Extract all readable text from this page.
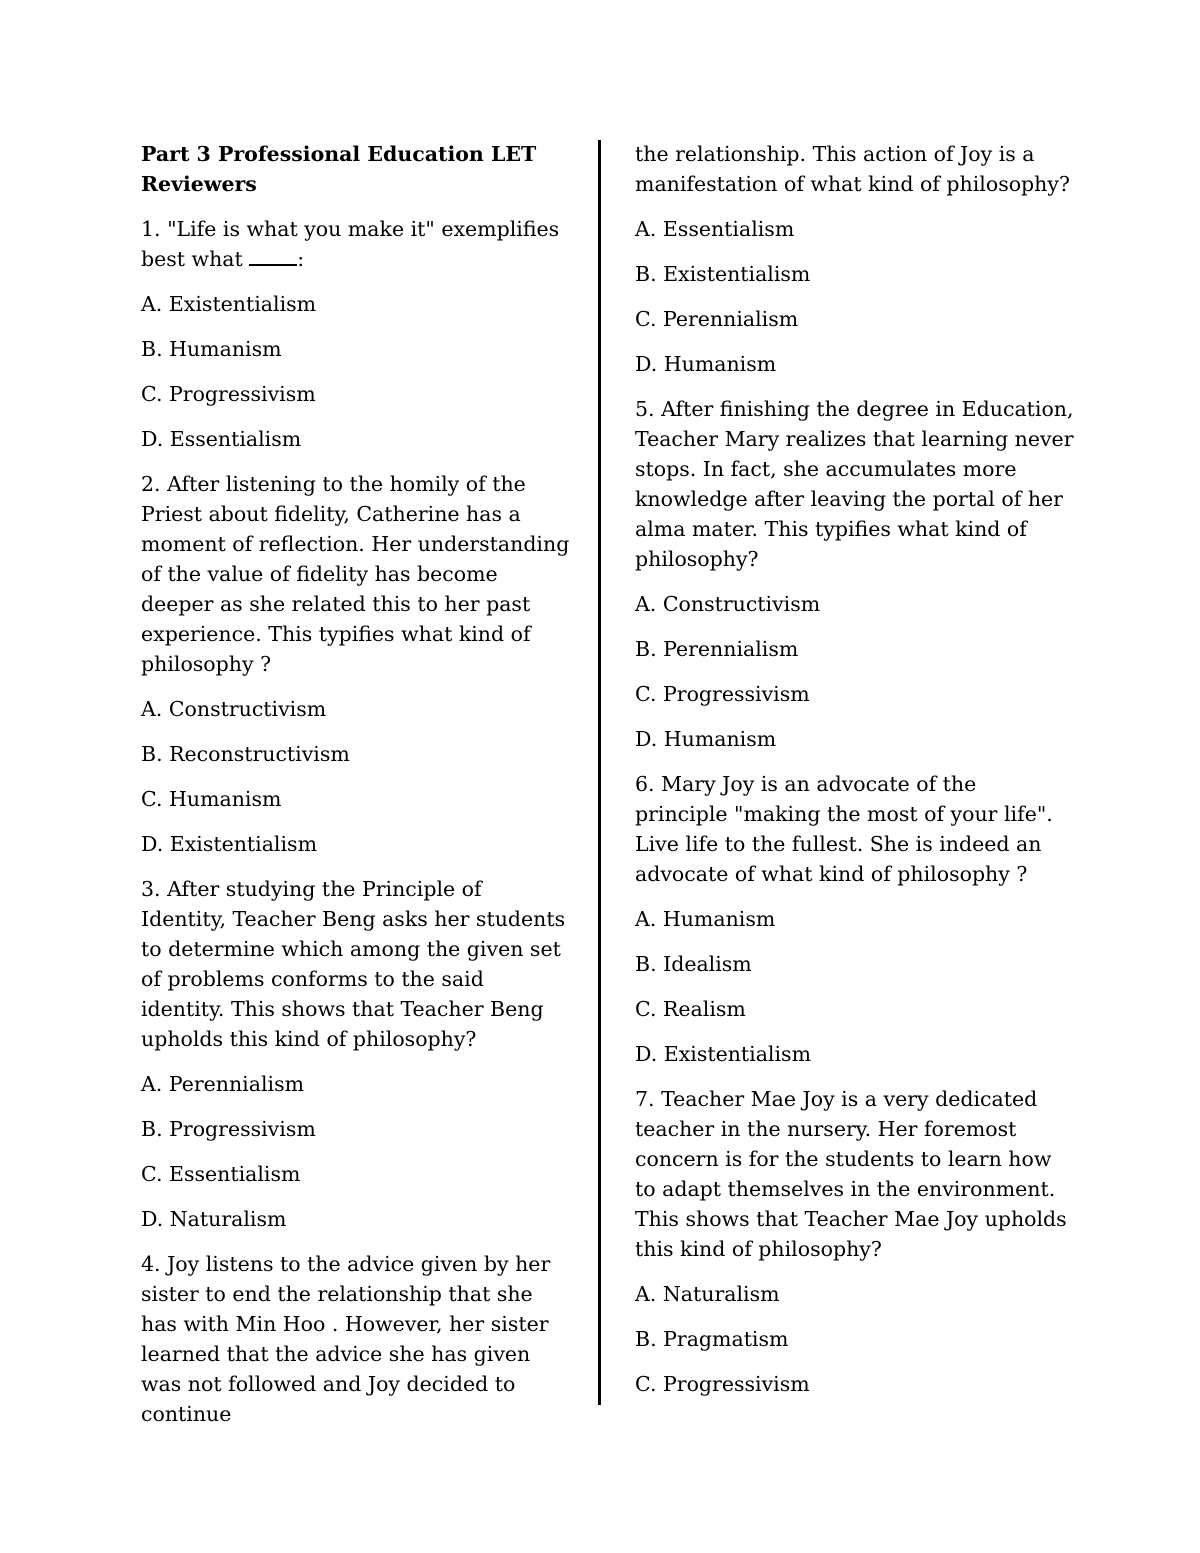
Part 3 Professional Education LET Reviewers
1. "Life is what you make it" exemplifies best what :
A. Existentialism
B. Humanism
C. Progressivism
D. Essentialism
2. After listening to the homily of the Priest about fidelity, Catherine has a moment of reflection. Her understanding of the value of fidelity has become deeper as she related this to her past experience. This typifies what kind of philosophy ?
A. Constructivism
B. Reconstructivism
C. Humanism
D. Existentialism
3. After studying the Principle of Identity, Teacher Beng asks her students to determine which among the given set of problems conforms to the said identity. This shows that Teacher Beng upholds this kind of philosophy?
A. Perennialism
B. Progressivism
C. Essentialism
D. Naturalism
4. Joy listens to the advice given by her sister to end the relationship that she has with Min Hoo . However, her sister learned that the advice she has given was not followed and Joy decided to continue
the relationship. This action of Joy is a manifestation of what kind of philosophy?
A. Essentialism
B. Existentialism
C. Perennialism
D. Humanism
5. After finishing the degree in Education, Teacher Mary realizes that learning never stops. In fact, she accumulates more knowledge after leaving the portal of her alma mater. This typifies what kind of philosophy?
A. Constructivism
B. Perennialism
C. Progressivism
D. Humanism
6. Mary Joy is an advocate of the principle "making the most of your life". Live life to the fullest. She is indeed an advocate of what kind of philosophy ?
A. Humanism
B. Idealism
C. Realism
D. Existentialism
7. Teacher Mae Joy is a very dedicated teacher in the nursery. Her foremost concern is for the students to learn how to adapt themselves in the environment. This shows that Teacher Mae Joy upholds this kind of philosophy?
A. Naturalism
B. Pragmatism
C. Progressivism
